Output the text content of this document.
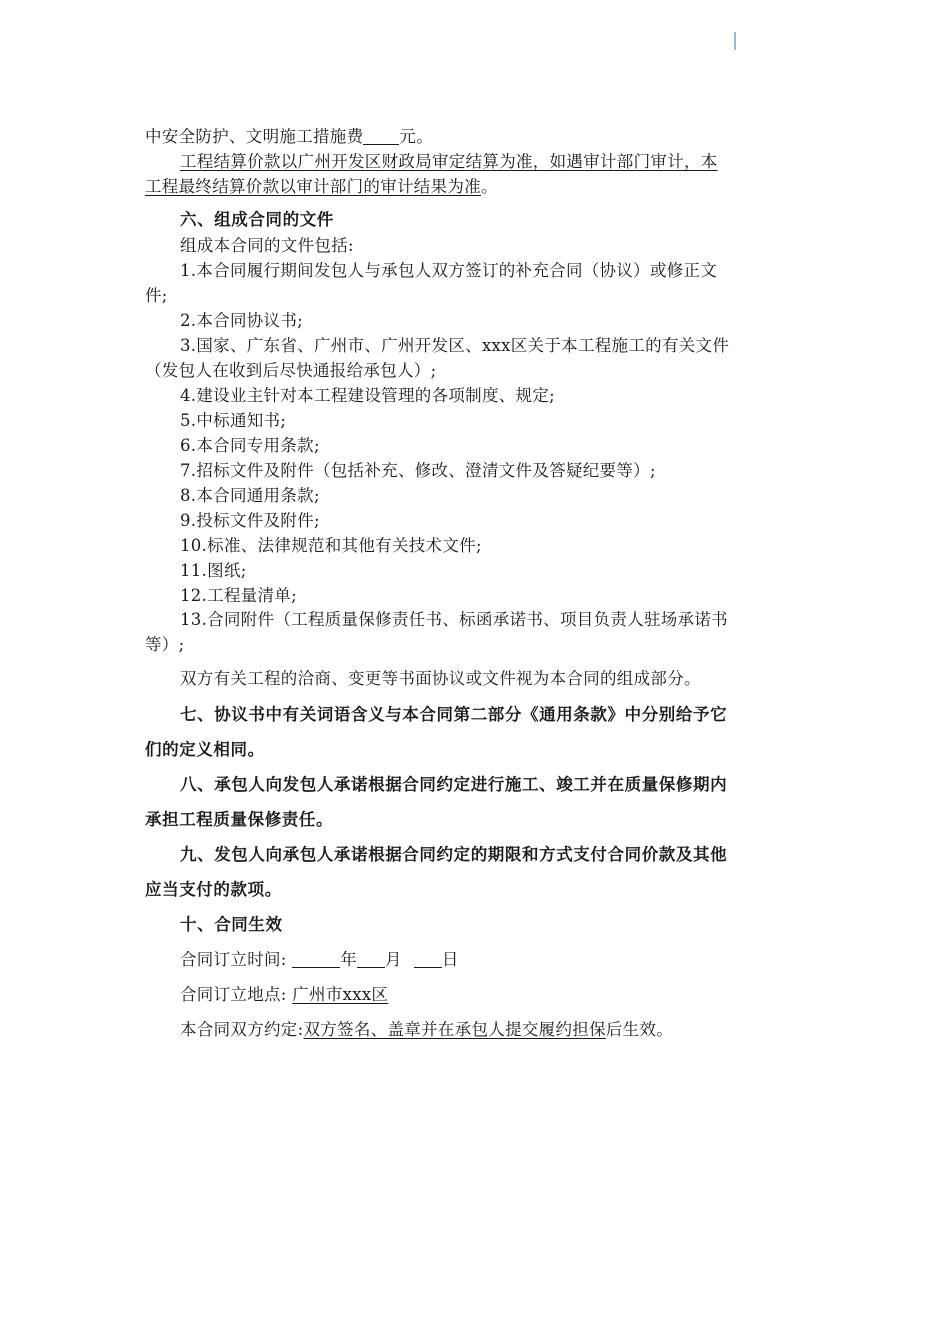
中安全防护、文明施工措施费 元。
工程结算价款以广州开发区财政局审定结算为准，如遇审计部门审计，本
工程最终结算价款以审计部门的审计结果为准。
六、组成合同的文件
组成本合同的文件包括:
1.本合同履行期间发包人与承包人双方签订的补充合同（协议）或修正文
件;
2.本合同协议书;
3.国家、广东省、广州市、广州开发区、xxx区关于本工程施工的有关文件
（发包人在收到后尽快通报给承包人）;
4.建设业主针对本工程建设管理的各项制度、规定;
5.中标通知书;
6.本合同专用条款;
7.招标文件及附件（包括补充、修改、澄清文件及答疑纪要等）;
8.本合同通用条款;
9.投标文件及附件;
10.标准、法律规范和其他有关技术文件;
11.图纸;
12.工程量清单;
13.合同附件（工程质量保修责任书、标函承诺书、项目负责人驻场承诺书
等）;
双方有关工程的洽商、变更等书面协议或文件视为本合同的组成部分。
七、协议书中有关词语含义与本合同第二部分《通用条款》中分别给予它
们的定义相同。
八、承包人向发包人承诺根据合同约定进行施工、竣工并在质量保修期内
承担工程质量保修责任。
九、发包人向承包人承诺根据合同约定的期限和方式支付合同价款及其他
应当支付的款项。
十、合同生效
合同订立时间:	年 月 日
合同订立地点: 广州市xxx区
本合同双方约定:双方签名、盖章并在承包人提交履约担保后生效。
